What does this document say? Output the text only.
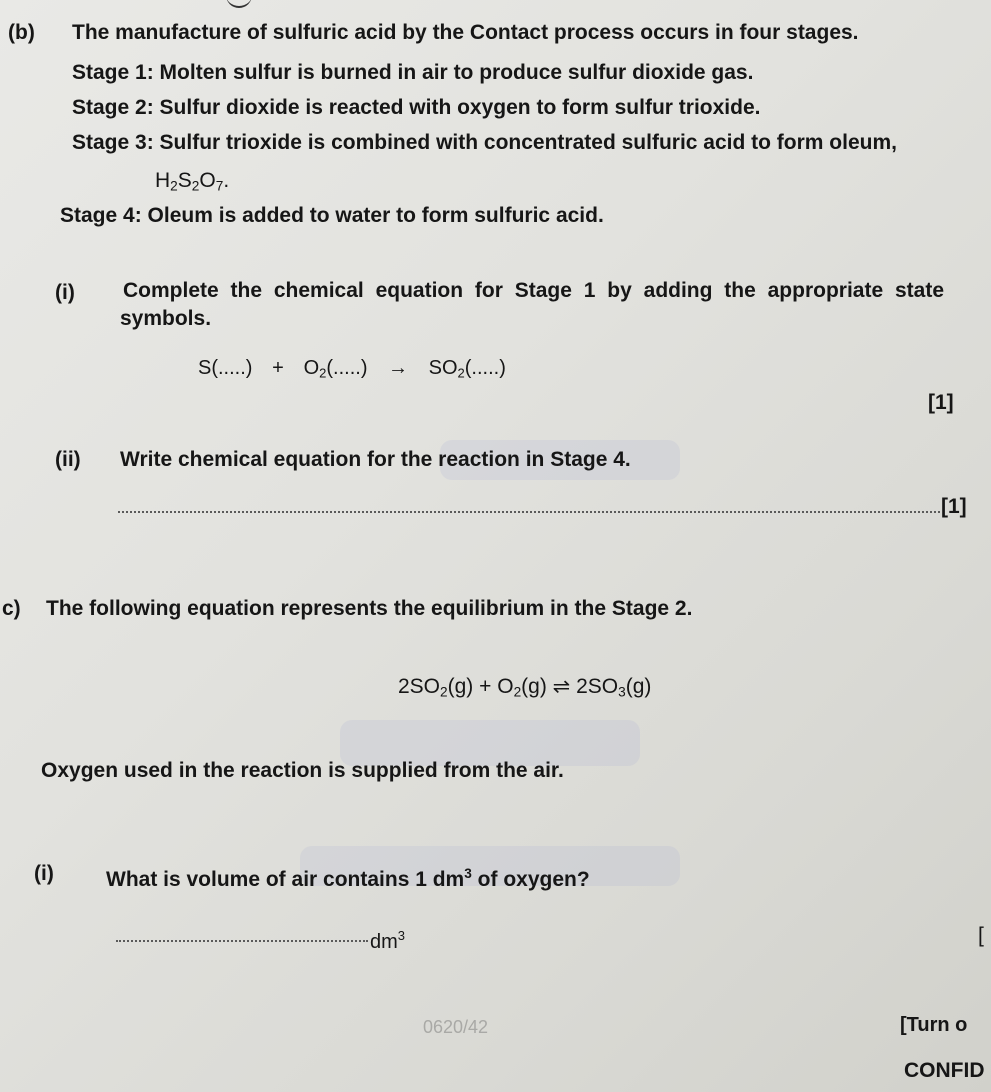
(b) The manufacture of sulfuric acid by the Contact process occurs in four stages.
Stage 1: Molten sulfur is burned in air to produce sulfur dioxide gas.
Stage 2: Sulfur dioxide is reacted with oxygen to form sulfur trioxide.
Stage 3: Sulfur trioxide is combined with concentrated sulfuric acid to form oleum,
$H_2S_2O_7$.
Stage 4: Oleum is added to water to form sulfuric acid.
(i) Complete the chemical equation for Stage 1 by adding the appropriate state
symbols.
$S(.....) + O_2(.....) \to SO_2(.....)$
[1]
(ii) Write chemical equation for the reaction in Stage 4.
[1]
c) The following equation represents the equilibrium in the Stage 2.
$2SO_2(g) + O_2(g)$ ⇌ $2SO_3(g)$
Oxygen used in the reaction is supplied from the air.
(i) What is volume of air contains 1 $dm^3$ of oxygen?
$dm^3$	[
0620/42	[Turn o
CONFID
